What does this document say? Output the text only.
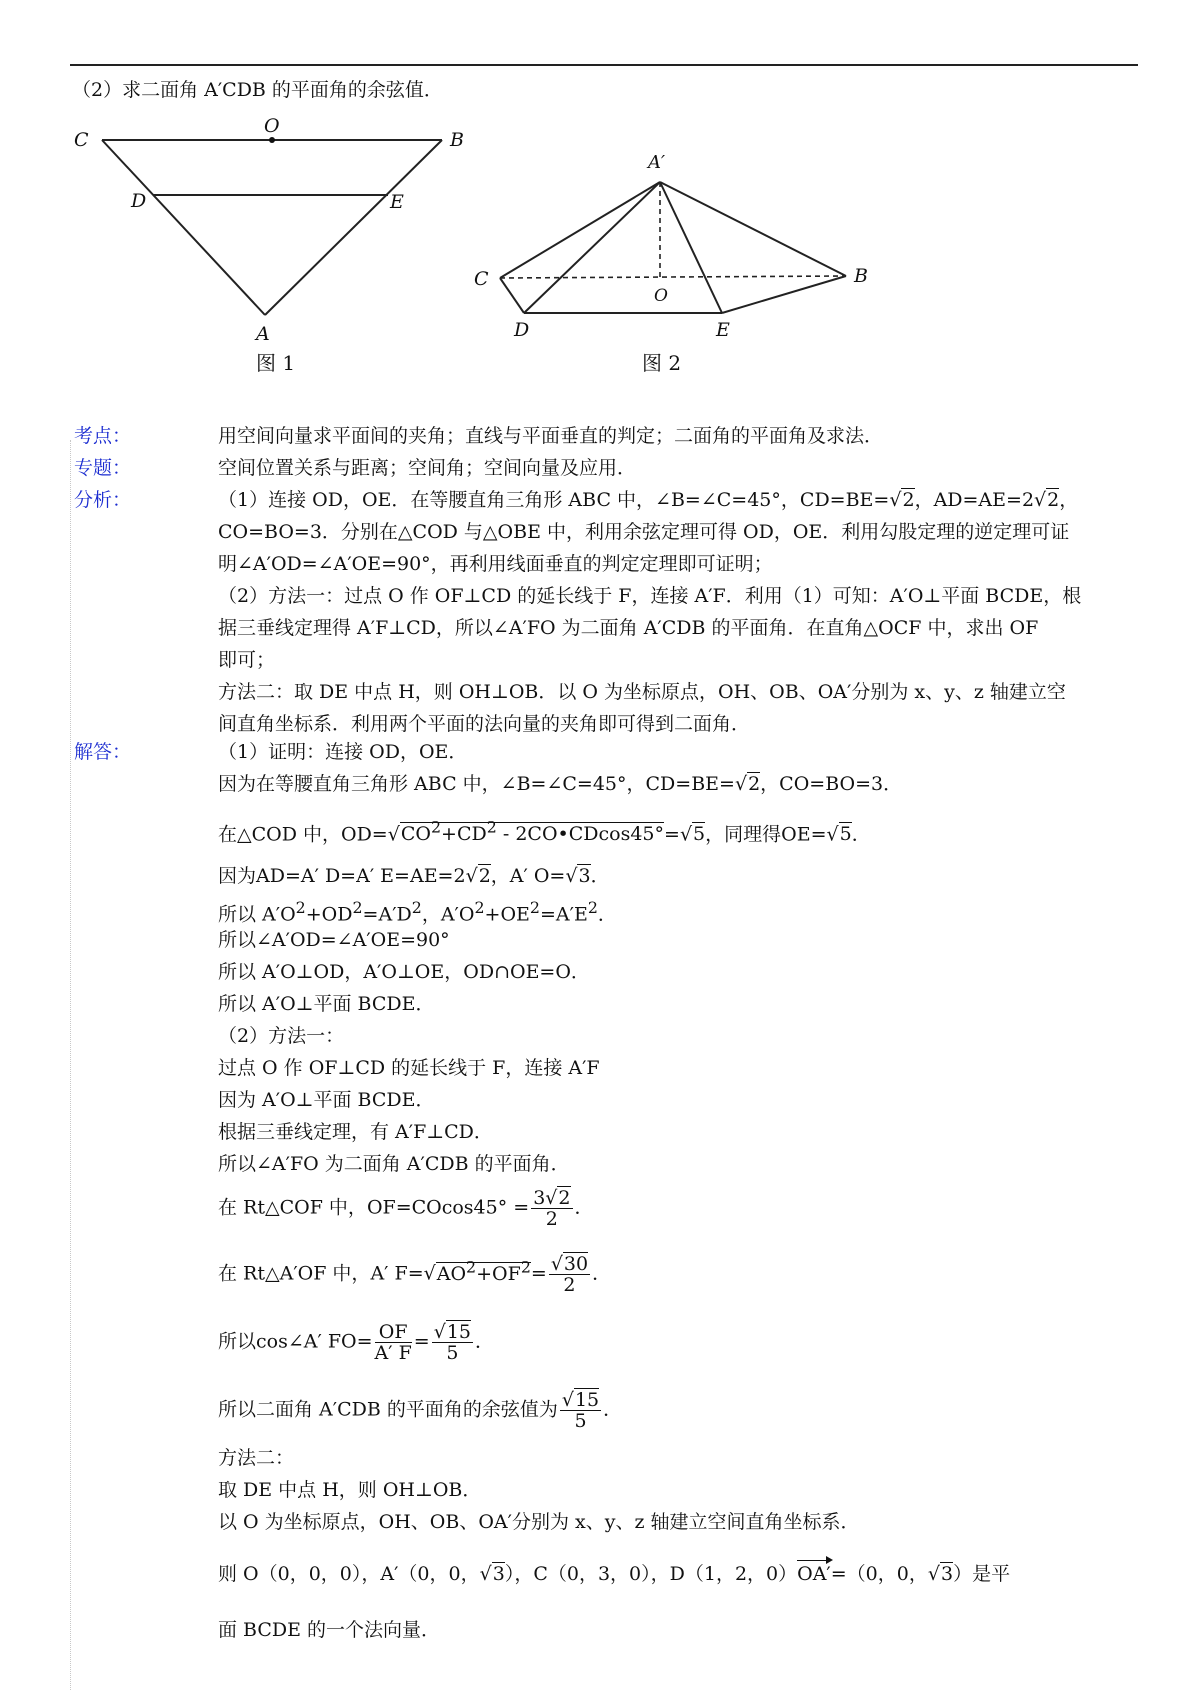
（2）求二面角 A′CDB 的平面角的余弦值．
C
O
B
D	E
A
图 1
A′
C
O
B
D	E
图 2
考点：
专题：
分析：
解答：
用空间向量求平面间的夹角；直线与平面垂直的判定；二面角的平面角及求法．
空间位置关系与距离；空间角；空间向量及应用．
（1）连接 OD，OE．在等腰直角三角形 ABC 中，∠B=∠C=45°，CD=BE=√2，AD=AE=2√2，
CO=BO=3．分别在△COD 与△OBE 中，利用余弦定理可得 OD，OE．利用勾股定理的逆定理可证
明∠A′OD=∠A′OE=90°，再利用线面垂直的判定定理即可证明；
（2）方法一：过点 O 作 OF⊥CD 的延长线于 F，连接 A′F．利用（1）可知：A′O⊥平面 BCDE，根
据三垂线定理得 A′F⊥CD，所以∠A′FO 为二面角 A′CDB 的平面角．在直角△OCF 中，求出 OF
即可；
方法二：取 DE 中点 H，则 OH⊥OB．以 O 为坐标原点，OH、OB、OA′分别为 x、y、z 轴建立空
间直角坐标系．利用两个平面的法向量的夹角即可得到二面角．
（1）证明：连接 OD，OE．
因为在等腰直角三角形 ABC 中，∠B=∠C=45°，CD=BE=√2，CO=BO=3．
在△COD 中，$OD=√CO^2+CD^2$ - 2CO•CDcos45°=√5，同理得OE=√5．
因为AD=A′ D=A′ E=AE=2√2，A′ O=√3．
所以 $A'O^2+OD^2=A'D^2$，$A'O^2+OE^2=A'E^2$．
所以∠A′OD=∠A′OE=90°
所以 A′O⊥OD，A′O⊥OE，OD∩OE=O．
所以 A′O⊥平面 BCDE．
（2）方法一：
过点 O 作 OF⊥CD 的延长线于 F，连接 A′F
因为 A′O⊥平面 BCDE．
根据三垂线定理，有 A′F⊥CD．
所以∠A′FO 为二面角 A′CDB 的平面角．
在 Rt△COF 中，$OF=COcos45^\circ = \frac{3√2}{2}$ ．
在 Rt△A′OF 中，A′ $F=√AO^2+OF^2= \frac{√30}{2}$ ．
所以cos∠A′ $FO= \frac{OF}{A' F} = \frac{√15}{5}$ ．
所以二面角 A′CDB 的平面角的余弦值为 $\frac{√15}{5}$ ．
方法二：
取 DE 中点 H，则 OH⊥OB．
以 O 为坐标原点，OH、OB、OA′分别为 x、y、z 轴建立空间直角坐标系．
则 O（0，0，0），A′（0，0，√3），C（0，3，0），D（1，2，0）OA′=（0，0，√3）是平
面 BCDE 的一个法向量．
